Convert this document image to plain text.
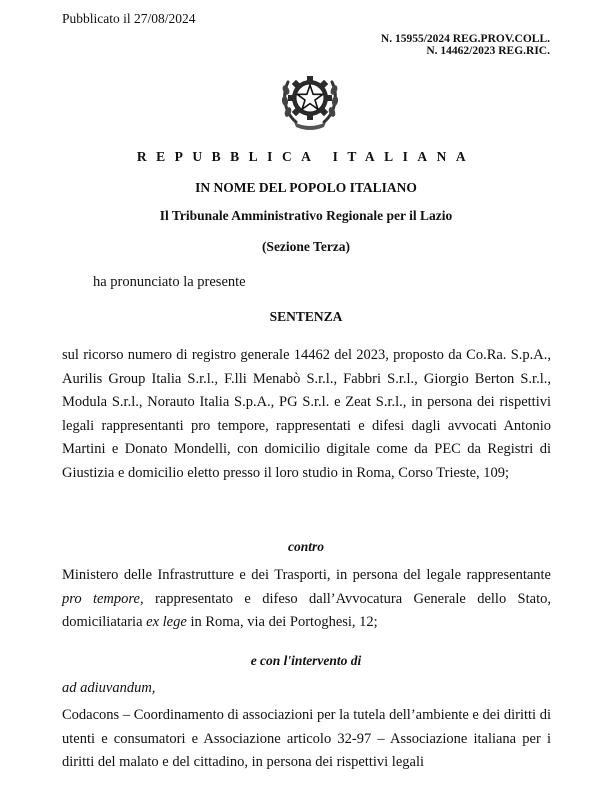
Pubblicato il 27/08/2024
N. 15955/2024 REG.PROV.COLL.
N. 14462/2023 REG.RIC.
REPUBBLICA ITALIANA
IN NOME DEL POPOLO ITALIANO
Il Tribunale Amministrativo Regionale per il Lazio
(Sezione Terza)
ha pronunciato la presente
SENTENZA
sul ricorso numero di registro generale 14462 del 2023, proposto da Co.Ra. S.p.A., Aurilis Group Italia S.r.l., F.lli Menabò S.r.l., Fabbri S.r.l., Giorgio Berton S.r.l., Modula S.r.l., Norauto Italia S.p.A., PG S.r.l. e Zeat S.r.l., in persona dei rispettivi legali rappresentanti pro tempore, rappresentati e difesi dagli avvocati Antonio Martini e Donato Mondelli, con domicilio digitale come da PEC da Registri di Giustizia e domicilio eletto presso il loro studio in Roma, Corso Trieste, 109;
contro
Ministero delle Infrastrutture e dei Trasporti, in persona del legale rappresentante pro tempore, rappresentato e difeso dall’Avvocatura Generale dello Stato, domiciliataria ex lege in Roma, via dei Portoghesi, 12;
e con l'intervento di
ad adiuvandum,
Codacons – Coordinamento di associazioni per la tutela dell’ambiente e dei diritti di utenti e consumatori e Associazione articolo 32-97 – Associazione italiana per i diritti del malato e del cittadino, in persona dei rispettivi legali
